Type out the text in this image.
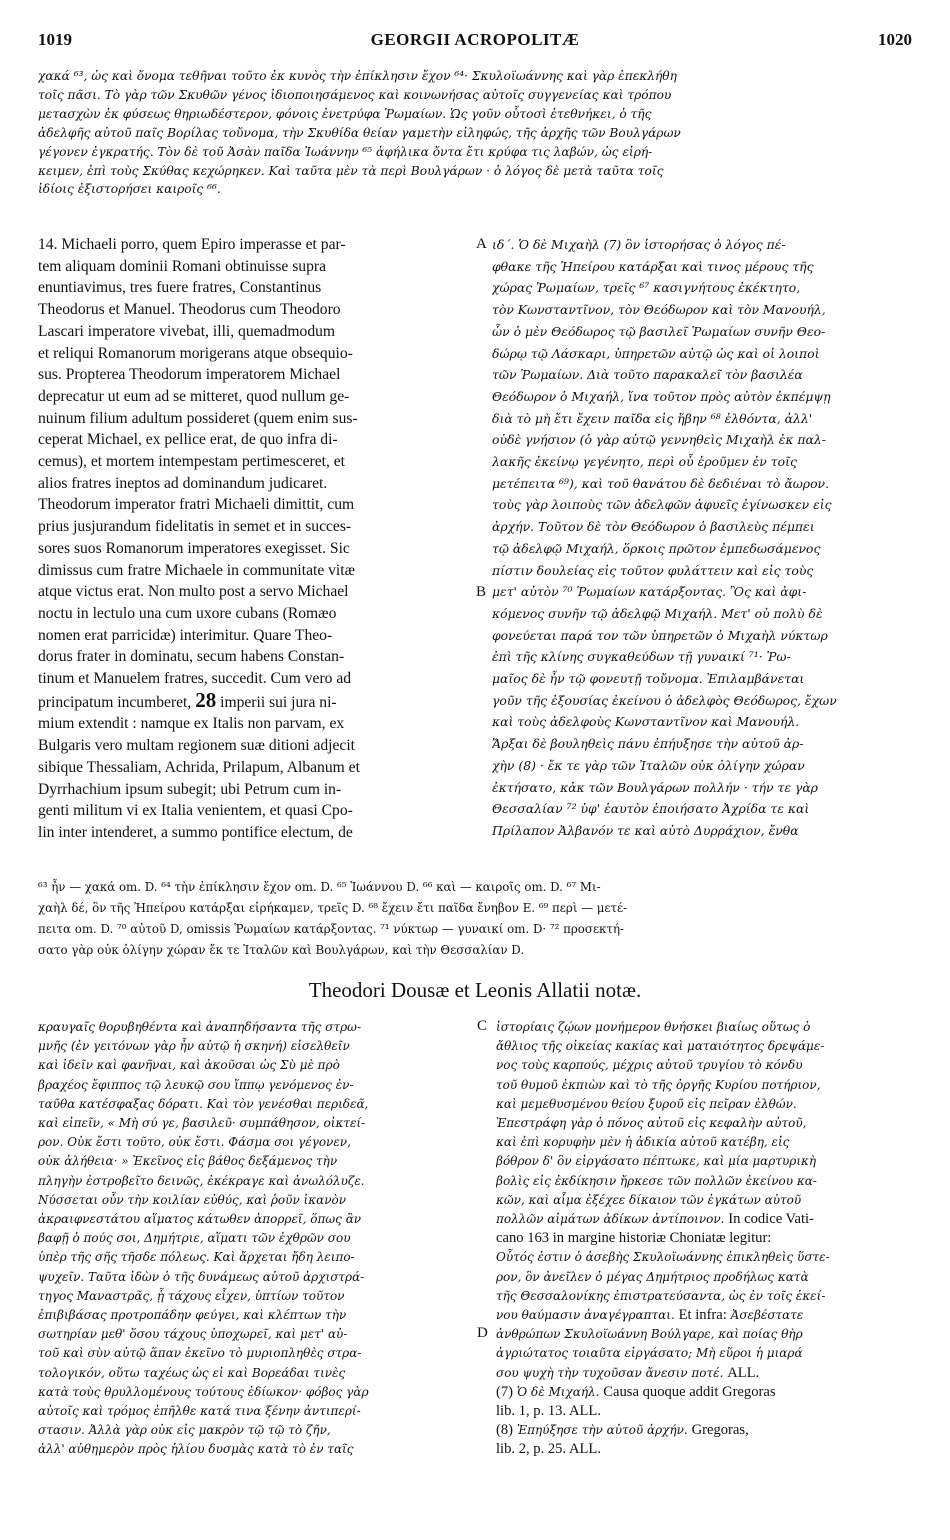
1019	GEORGII ACROPOLITÆ	1020
χακά ⁶³, ὡς καὶ ὄνομα τεθῆναι τοῦτο ἐκ κυνὸς τὴν ἐπίκλησιν ἔχον ⁶⁴· Σκυλοϊωάννης καὶ γὰρ ἐπεκλήθη
τοῖς πᾶσι. Τὸ γὰρ τῶν Σκυθῶν γένος ἰδιοποιησάμενος καὶ κοινωνήσας αὐτοῖς συγγενείας καὶ τρόπου
μετασχὼν ἐκ φύσεως θηριωδέστερον, φόνοις ἐνετρύφα Ῥωμαίων. Ὡς γοῦν οὗτοσὶ ἐτεθνήκει, ὁ τῆς
ἀδελφῆς αὐτοῦ παῖς Βορίλας τοὔνομα, τὴν Σκυθίδα θείαν γαμετὴν εἰληφώς, τῆς ἀρχῆς τῶν Βουλγάρων
γέγονεν ἐγκρατής. Τὸν δὲ τοῦ Ἀσὰν παῖδα Ἰωάννην ⁶⁵ ἀφήλικα ὄντα ἔτι κρύφα τις λαβών, ὡς εἰρή-
κειμεν, ἐπὶ τοὺς Σκύθας κεχώρηκεν. Καὶ ταῦτα μὲν τὰ περὶ Βουλγάρων · ὁ λόγος δὲ μετὰ ταῦτα τοῖς
ἰδίοις ἐξιστορήσει καιροῖς ⁶⁶.
14. Michaeli porro, quem Epiro imperasse et par-
tem aliquam dominii Romani obtinuisse supra
enuntiavimus, tres fuere fratres, Constantinus
Theodorus et Manuel. Theodorus cum Theodoro
Lascari imperatore vivebat, illi, quemadmodum
et reliqui Romanorum morigerans atque obsequio-
sus. Propterea Theodorum imperatorem Michael
deprecatur ut eum ad se mitteret, quod nullum ge-
nuinum filium adultum possideret (quem enim sus-
ceperat Michael, ex pellice erat, de quo infra di-
cemus), et mortem intempestam pertimesceret, et
alios fratres ineptos ad dominandum judicaret.
Theodorum imperator fratri Michaeli dimittit, cum
prius jusjurandum fidelitatis in semet et in succes-
sores suos Romanorum imperatores exegisset. Sic
dimissus cum fratre Michaele in communitate vitæ
atque victus erat. Non multo post a servo Michael
noctu in lectulo una cum uxore cubans (Romæo
nomen erat parricidæ) interimitur. Quare Theo-
dorus frater in dominatu, secum habens Constan-
tinum et Manuelem fratres, succedit. Cum vero ad
principatum incumberet, 28 imperii sui jura ni-
mium extendit : namque ex Italis non parvam, ex
Bulgaris vero multam regionem suæ ditioni adjecit
sibique Thessaliam, Achrida, Prilapum, Albanum et
Dyrrhachium ipsum subegit; ubi Petrum cum in-
genti militum vi ex Italia venientem, et quasi Cpo-
lin inter intenderet, a summo pontifice electum, de
A
B
ιδ΄. Ὁ δὲ Μιχαὴλ (7) ὃν ἱστορήσας ὁ λόγος πέ-
φθακε τῆς Ἠπείρου κατάρξαι καὶ τινος μέρους τῆς
χώρας Ῥωμαίων, τρεῖς ⁶⁷ κασιγνήτους ἐκέκτητο,
τὸν Κωνσταντῖνον, τὸν Θεόδωρον καὶ τὸν Μανουήλ,
ὧν ὁ μὲν Θεόδωρος τῷ βασιλεῖ Ῥωμαίων συνῆν Θεο-
δώρῳ τῷ Λάσκαρι, ὑπηρετῶν αὐτῷ ὡς καὶ οἱ λοιποὶ
τῶν Ῥωμαίων. Διὰ τοῦτο παρακαλεῖ τὸν βασιλέα
Θεόδωρον ὁ Μιχαήλ, ἵνα τοῦτον πρὸς αὐτὸν ἐκπέμψῃ
διὰ τὸ μὴ ἔτι ἔχειν παῖδα εἰς ἥβην ⁶⁸ ἐλθόντα, ἀλλ'
οὐδὲ γνήσιον (ὁ γὰρ αὐτῷ γεννηθεὶς Μιχαὴλ ἐκ παλ-
λακῆς ἐκείνῳ γεγένητο, περὶ οὗ ἐροῦμεν ἐν τοῖς
μετέπειτα ⁶⁹), καὶ τοῦ θανάτου δὲ δεδιέναι τὸ ἄωρον.
τοὺς γὰρ λοιποὺς τῶν ἀδελφῶν ἀφυεῖς ἐγίνωσκεν εἰς
ἀρχήν. Τοῦτον δὲ τὸν Θεόδωρον ὁ βασιλεὺς πέμπει
τῷ ἀδελφῷ Μιχαήλ, ὅρκοις πρῶτον ἐμπεδωσάμενος
πίστιν δουλείας εἰς τοῦτον φυλάττειν καὶ εἰς τοὺς
μετ' αὐτὸν ⁷⁰ Ῥωμαίων κατάρξοντας. Ὃς καὶ ἀφι-
κόμενος συνῆν τῷ ἀδελφῷ Μιχαήλ. Μετ' οὐ πολὺ δὲ
φονεύεται παρά τον τῶν ὑπηρετῶν ὁ Μιχαὴλ νύκτωρ
ἐπὶ τῆς κλίνης συγκαθεύδων τῇ γυναικί ⁷¹· Ῥω-
μαῖος δὲ ἦν τῷ φονευτῇ τοὔνομα. Ἐπιλαμβάνεται
γοῦν τῆς ἐξουσίας ἐκείνου ὁ ἀδελφὸς Θεόδωρος, ἔχων
καὶ τοὺς ἀδελφοὺς Κωνσταντῖνον καὶ Μανουήλ.
Ἄρξαι δὲ βουληθεὶς πάνυ ἐπήυξησε τὴν αὐτοῦ ἀρ-
χὴν (8) · ἔκ τε γὰρ τῶν Ἰταλῶν οὐκ ὀλίγην χώραν
ἐκτήσατο, κἀκ τῶν Βουλγάρων πολλήν · τήν τε γὰρ
Θεσσαλίαν ⁷² ὑφ' ἑαυτὸν ἐποιήσατο Ἀχρίδα τε καὶ
Πρίλαπον Ἀλβανόν τε καὶ αὐτὸ Δυρράχιον, ἔνθα
⁶³ ἦν — χακά om. D. ⁶⁴ τὴν ἐπίκλησιν ἔχον om. D. ⁶⁵ Ἰωάννου D. ⁶⁶ καὶ — καιροῖς om. D. ⁶⁷ Μι-
χαὴλ δέ, ὃν τῆς Ἠπείρου κατάρξαι εἰρήκαμεν, τρεῖς D. ⁶⁸ ἔχειν ἔτι παῖδα ἔνηβον E. ⁶⁹ περὶ — μετέ-
πειτα om. D. ⁷⁰ αὐτοῦ D, omissis Ῥωμαίων κατάρξοντας. ⁷¹ νύκτωρ — γυναικί om. D· ⁷² προσεκτή-
σατο γὰρ οὐκ ὀλίγην χώραν ἔκ τε Ἰταλῶν καὶ Βουλγάρων, καὶ τὴν Θεσσαλίαν D.
Theodori Dousæ et Leonis Allatii notæ.
κραυγαῖς θορυβηθέντα καὶ ἀναπηδήσαντα τῆς στρω-
μνῆς (ἐν γειτόνων γὰρ ἦν αὐτῷ ἡ σκηνή) εἰσελθεῖν
καὶ ἰδεῖν καὶ φανῆναι, καὶ ἀκοῦσαι ὡς Σὺ μὲ πρὸ
βραχέος ἔφιππος τῷ λευκῷ σου ἵππῳ γενόμενος ἐν-
ταῦθα κατέσφαξας δόρατι. Καὶ τὸν γενέσθαι περιδεᾶ,
καὶ εἰπεῖν, « Μὴ σύ γε, βασιλεῦ· συμπάθησον, οἰκτεί-
ρον. Οὐκ ἔστι τοῦτο, οὐκ ἔστι. Φάσμα σοι γέγονεν,
οὐκ ἀλήθεια· » Ἐκεῖνος εἰς βάθος δεξάμενος τὴν
πληγὴν ἐστροβεῖτο δεινῶς, ἐκέκραγε καὶ ἀνωλόλυζε.
Νύσσεται οὖν τὴν κοιλίαν εὐθύς, καὶ ῥοῦν ἱκανὸν
ἀκραιφνεστάτου αἵματος κάτωθεν ἀπορρεῖ, ὅπως ἂν
βαφῇ ὁ πούς σοι, Δημήτριε, αἵματι τῶν ἐχθρῶν σου
ὑπὲρ τῆς σῆς τῆσδε πόλεως. Καὶ ἄρχεται ἤδη λειπο-
ψυχεῖν. Ταῦτα ἰδὼν ὁ τῆς δυνάμεως αὐτοῦ ἀρχιστρά-
τηγος Μαναστρᾶς, ᾗ τάχους εἶχεν, ὑπτίων τοῦτον
ἐπιβιβάσας προτροπάδην φεύγει, καὶ κλέπτων τὴν
σωτηρίαν μεθ' ὅσου τάχους ὑποχωρεῖ, καὶ μετ' αὐ-
τοῦ καὶ σὺν αὐτῷ ἅπαν ἐκεῖνο τὸ μυριοπληθὲς στρα-
τολογικόν, οὕτω ταχέως ὡς εἰ καὶ Βορεάδαι τινὲς
κατὰ τοὺς θρυλλομένους τούτους ἐδίωκον· φόβος γὰρ
αὐτοῖς καὶ τρόμος ἐπῆλθε κατά τινα ξένην ἀντιπερί-
στασιν. Ἀλλὰ γὰρ οὐκ εἰς μακρὸν τῷ τῷ τὸ ζῆν,
ἀλλ' αὐθημερὸν πρὸς ἡλίου δυσμὰς κατὰ τὸ ἐν ταῖς
C
D
ἱστορίαις ζῴων μονήμερον θνήσκει βιαίως οὕτως ὁ
ἄθλιος τῆς οἰκείας κακίας καὶ ματαιότητος δρεψάμε-
νος τοὺς καρπούς, μέχρις αὐτοῦ τρυγίου τὸ κόνδυ
τοῦ θυμοῦ ἐκπιὼν καὶ τὸ τῆς ὀργῆς Κυρίου ποτήριον,
καὶ μεμεθυσμένου θείου ξυροῦ εἰς πεῖραν ἐλθών.
Ἐπεστράφη γὰρ ὁ πόνος αὐτοῦ εἰς κεφαλὴν αὐτοῦ,
καὶ ἐπὶ κορυφὴν μὲν ἡ ἀδικία αὐτοῦ κατέβη, εἰς
βόθρον δ' ὃν εἰργάσατο πέπτωκε, καὶ μία μαρτυρικὴ
βολὶς εἰς ἐκδίκησιν ἤρκεσε τῶν πολλῶν ἐκείνου κα-
κῶν, καὶ αἷμα ἐξέχεε δίκαιον τῶν ἐγκάτων αὐτοῦ
πολλῶν αἱμάτων ἀδίκων ἀντίποινον. In codice Vati-
cano 163 in margine historiæ Choniatæ legitur:
Οὗτός ἐστιν ὁ ἀσεβὴς Σκυλοϊωάννης ἐπικληθεὶς ὕστε-
ρον, ὃν ἀνεῖλεν ὁ μέγας Δημήτριος προδήλως κατὰ
τῆς Θεσσαλονίκης ἐπιστρατεύσαντα, ὡς ἐν τοῖς ἐκεί-
νου θαύμασιν ἀναγέγραπται. Et infra: Ἀσεβέστατε
ἀνθρώπων Σκυλοϊωάννη Βούλγαρε, καὶ ποίας θὴρ
ἀγριώτατος τοιαῦτα εἰργάσατο; Μὴ εὕροι ἡ μιαρά
σου ψυχὴ τὴν τυχοῦσαν ἄνεσιν ποτέ. ALL.
(7) Ὁ δὲ Μιχαήλ. Causa quoque addit Gregoras
lib. 1, p. 13. ALL.
(8) Ἐπηύξησε τὴν αὐτοῦ ἀρχήν. Gregoras,
lib. 2, p. 25. ALL.
